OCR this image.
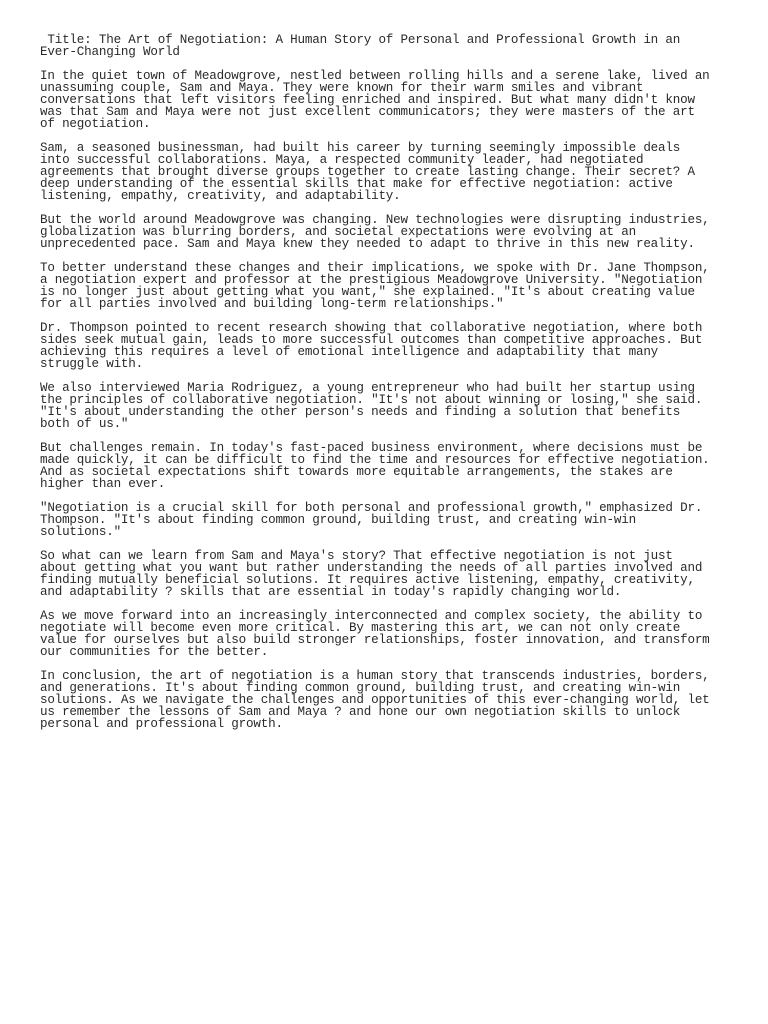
Title: The Art of Negotiation: A Human Story of Personal and Professional Growth in an Ever-Changing World

In the quiet town of Meadowgrove, nestled between rolling hills and a serene lake, lived an unassuming couple, Sam and Maya. They were known for their warm smiles and vibrant conversations that left visitors feeling enriched and inspired. But what many didn't know was that Sam and Maya were not just excellent communicators; they were masters of the art of negotiation.

Sam, a seasoned businessman, had built his career by turning seemingly impossible deals into successful collaborations. Maya, a respected community leader, had negotiated agreements that brought diverse groups together to create lasting change. Their secret? A deep understanding of the essential skills that make for effective negotiation: active listening, empathy, creativity, and adaptability.

But the world around Meadowgrove was changing. New technologies were disrupting industries, globalization was blurring borders, and societal expectations were evolving at an unprecedented pace. Sam and Maya knew they needed to adapt to thrive in this new reality.

To better understand these changes and their implications, we spoke with Dr. Jane Thompson, a negotiation expert and professor at the prestigious Meadowgrove University. "Negotiation is no longer just about getting what you want," she explained. "It's about creating value for all parties involved and building long-term relationships."

Dr. Thompson pointed to recent research showing that collaborative negotiation, where both sides seek mutual gain, leads to more successful outcomes than competitive approaches. But achieving this requires a level of emotional intelligence and adaptability that many struggle with.

We also interviewed Maria Rodriguez, a young entrepreneur who had built her startup using the principles of collaborative negotiation. "It's not about winning or losing," she said. "It's about understanding the other person's needs and finding a solution that benefits both of us."

But challenges remain. In today's fast-paced business environment, where decisions must be made quickly, it can be difficult to find the time and resources for effective negotiation. And as societal expectations shift towards more equitable arrangements, the stakes are higher than ever.

"Negotiation is a crucial skill for both personal and professional growth," emphasized Dr. Thompson. "It's about finding common ground, building trust, and creating win-win solutions."

So what can we learn from Sam and Maya's story? That effective negotiation is not just about getting what you want but rather understanding the needs of all parties involved and finding mutually beneficial solutions. It requires active listening, empathy, creativity, and adaptability ? skills that are essential in today's rapidly changing world.

As we move forward into an increasingly interconnected and complex society, the ability to negotiate will become even more critical. By mastering this art, we can not only create value for ourselves but also build stronger relationships, foster innovation, and transform our communities for the better.

In conclusion, the art of negotiation is a human story that transcends industries, borders, and generations. It's about finding common ground, building trust, and creating win-win solutions. As we navigate the challenges and opportunities of this ever-changing world, let us remember the lessons of Sam and Maya ? and hone our own negotiation skills to unlock personal and professional growth.
